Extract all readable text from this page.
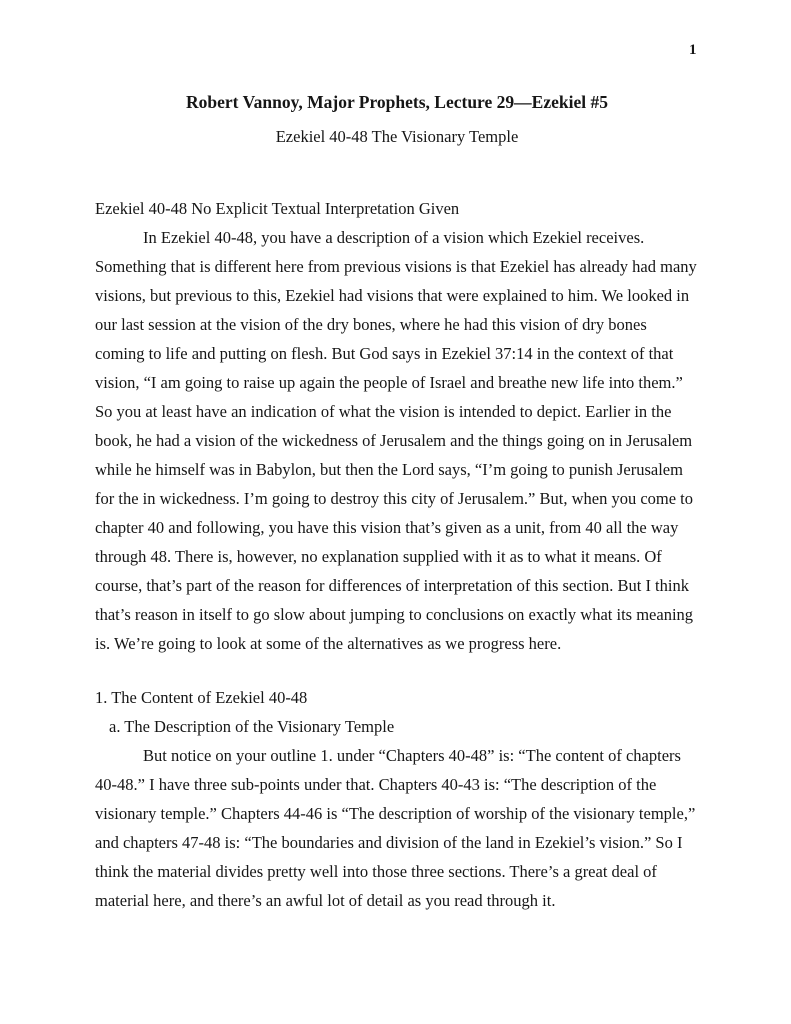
1
Robert Vannoy, Major Prophets, Lecture 29—Ezekiel #5
Ezekiel 40-48 The Visionary Temple
Ezekiel 40-48 No Explicit Textual Interpretation Given

In Ezekiel 40-48, you have a description of a vision which Ezekiel receives. Something that is different here from previous visions is that Ezekiel has already had many visions, but previous to this, Ezekiel had visions that were explained to him. We looked in our last session at the vision of the dry bones, where he had this vision of dry bones coming to life and putting on flesh. But God says in Ezekiel 37:14 in the context of that vision, “I am going to raise up again the people of Israel and breathe new life into them.” So you at least have an indication of what the vision is intended to depict. Earlier in the book, he had a vision of the wickedness of Jerusalem and the things going on in Jerusalem while he himself was in Babylon, but then the Lord says, “I’m going to punish Jerusalem for the in wickedness. I’m going to destroy this city of Jerusalem.” But, when you come to chapter 40 and following, you have this vision that’s given as a unit, from 40 all the way through 48. There is, however, no explanation supplied with it as to what it means. Of course, that’s part of the reason for differences of interpretation of this section. But I think that’s reason in itself to go slow about jumping to conclusions on exactly what its meaning is. We’re going to look at some of the alternatives as we progress here.

1. The Content of Ezekiel 40-48
a. The Description of the Visionary Temple

But notice on your outline 1. under “Chapters 40-48” is: “The content of chapters 40-48.” I have three sub-points under that. Chapters 40-43 is: “The description of the visionary temple.” Chapters 44-46 is “The description of worship of the visionary temple,” and chapters 47-48 is: “The boundaries and division of the land in Ezekiel’s vision.” So I think the material divides pretty well into those three sections. There’s a great deal of material here, and there’s an awful lot of detail as you read through it.
